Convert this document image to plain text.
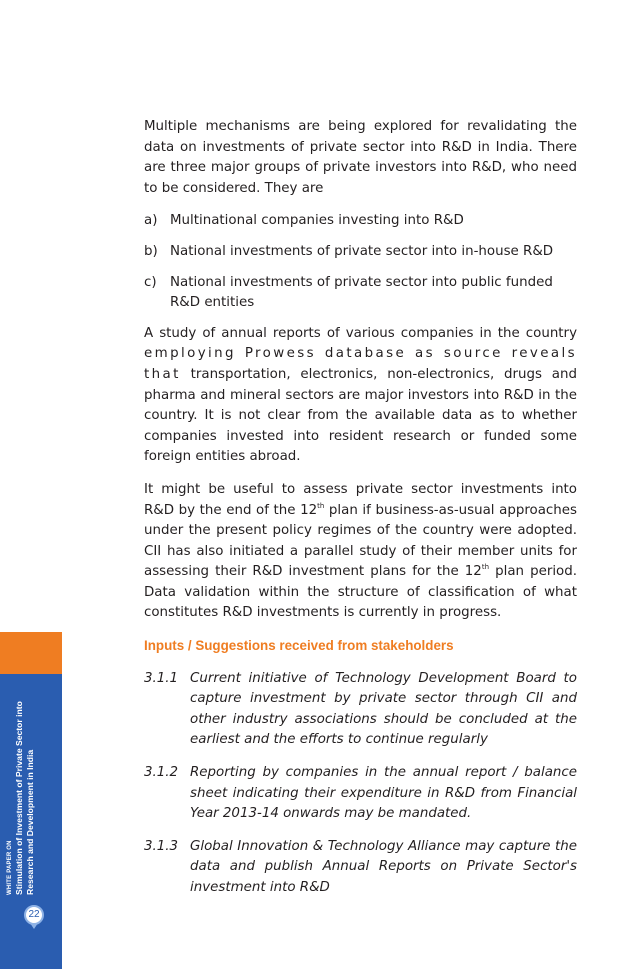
WHITE PAPER ON Stimulation of Investment of Private Sector into Research and Development in India
22

Multiple mechanisms are being explored for revalidating the data on investments of private sector into R&D in India. There are three major groups of private investors into R&D, who need to be considered. They are

a) Multinational companies investing into R&D
b) National investments of private sector into in-house R&D
c)	National investments of private sector into public funded R&D entities

A study of annual reports of various companies in the country employing Prowess database as source reveals that transportation, electronics, non-electronics, drugs and pharma and mineral sectors are major investors into R&D in the country. It is not clear from the available data as to whether companies invested into resident research or funded some foreign entities abroad.

It might be useful to assess private sector investments into R&D by the end of the 12th plan if business-as-usual approaches under the present policy regimes of the country were adopted. CII has also initiated a parallel study of their member units for assessing their R&D investment plans for the 12th plan period. Data validation within the structure of classification of what constitutes R&D investments is currently in progress.

Inputs / Suggestions received from stakeholders
3.1.1 Current initiative of Technology Development Board to capture investment by private sector through CII and other industry associations should be concluded at the earliest and the efforts to continue regularly
3.1.2 Reporting by companies in the annual report / balance sheet indicating their expenditure in R&D from Financial Year 2013-14 onwards may be mandated.
3.1.3 Global Innovation & Technology Alliance may capture the data and publish Annual Reports on Private Sector's investment into R&D
